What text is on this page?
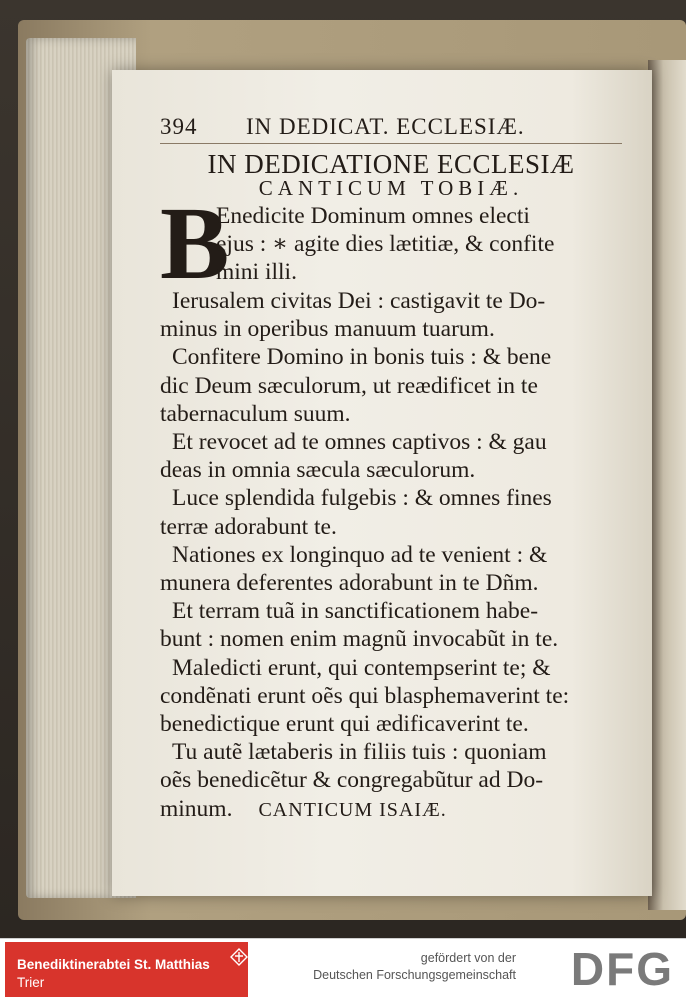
394 IN DEDICAT. ECCLESIÆ.
IN DEDICATIONE ECCLESIÆ
CANTICUM TOBIÆ.
B
Enedicite Dominum omnes electi
ejus : ∗ agite dies lætitiæ, & confite
mini illi.
Ierusalem civitas Dei : castigavit te Do-
minus in operibus manuum tuarum.
Confitere Domino in bonis tuis : & bene
dic Deum sæculorum, ut reædificet in te
tabernaculum suum.
Et revocet ad te omnes captivos : & gau
deas in omnia sæcula sæculorum.
Luce splendida fulgebis : & omnes fines
terræ adorabunt te.
Nationes ex longinquo ad te venient : &
munera deferentes adorabunt in te Dñm.
Et terram tuã in sanctificationem habe-
bunt : nomen enim magnũ invocabũt in te.
Maledicti erunt, qui contempserint te; &
condẽnati erunt oẽs qui blasphemaverint te:
benedictique erunt qui ædificaverint te.
Tu autẽ lætaberis in filiis tuis : quoniam
oẽs benedicẽtur & congregabũtur ad Do-
minum. CANTICUM ISAIÆ.
Benediktinerabtei St. Matthias
Trier
gefördert von der
Deutschen Forschungsgemeinschaft DFG
